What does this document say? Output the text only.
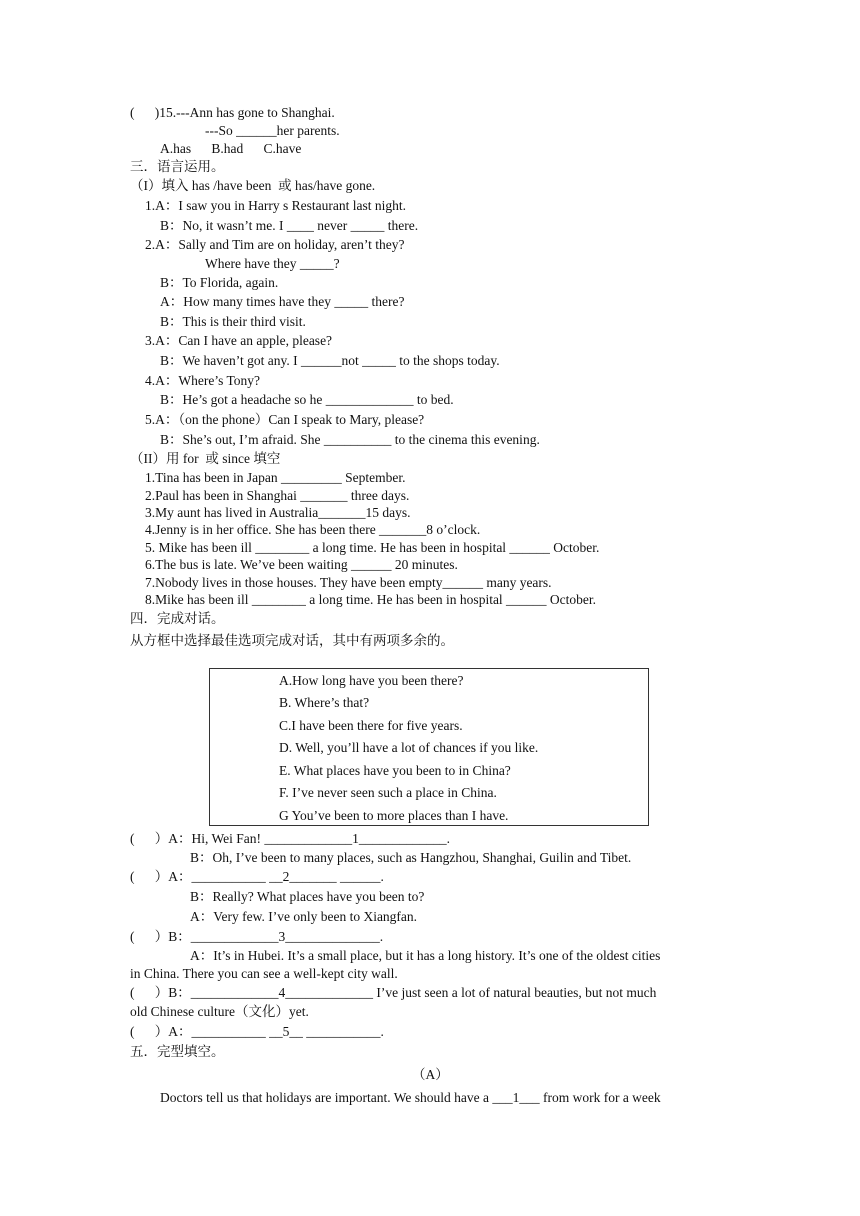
(      )15.---Ann has gone to Shanghai.
---So ______her parents.
A.has      B.had      C.have
三．语言运用。
（I）填入 has /have been  或 has/have gone.
1.A：I saw you in Harry s Restaurant last night.
B：No, it wasn’t me. I ____ never _____ there.
2.A：Sally and Tim are on holiday, aren’t they?
Where have they _____?
B：To Florida, again.
A：How many times have they _____ there?
B：This is their third visit.
3.A：Can I have an apple, please?
B：We haven’t got any. I ______not _____ to the shops today.
4.A：Where’s Tony?
B：He’s got a headache so he _____________ to bed.
5.A：（on the phone）Can I speak to Mary, please?
B：She’s out, I’m afraid. She __________ to the cinema this evening.
（II）用 for  或 since 填空
1.Tina has been in Japan _________ September.
2.Paul has been in Shanghai _______ three days.
3.My aunt has lived in Australia_______15 days.
4.Jenny is in her office. She has been there _______8 o’clock.
5. Mike has been ill ________ a long time. He has been in hospital ______ October.
6.The bus is late. We’ve been waiting ______ 20 minutes.
7.Nobody lives in those houses. They have been empty______ many years.
8.Mike has been ill ________ a long time. He has been in hospital ______ October.
四．完成对话。
从方框中选择最佳选项完成对话，其中有两项多余的。
A.How long have you been there?
B. Where’s that?
C.I have been there for five years.
D. Well, you’ll have a lot of chances if you like.
E. What places have you been to in China?
F. I’ve never seen such a place in China.
G You’ve been to more places than I have.
(      ）A：Hi, Wei Fan! _____________1_____________.
B：Oh, I’ve been to many places, such as Hangzhou, Shanghai, Guilin and Tibet.
(      ）A：___________ __2_______ ______.
B：Really? What places have you been to?
A：Very few. I’ve only been to Xiangfan.
(      ）B：_____________3______________.
A：It’s in Hubei. It’s a small place, but it has a long history. It’s one of the oldest cities
in China. There you can see a well-kept city wall.
(      ）B：_____________4_____________ I’ve just seen a lot of natural beauties, but not much
old Chinese culture（文化）yet.
(      ）A：___________ __5__ ___________.
五．完型填空。
（A）
Doctors tell us that holidays are important. We should have a ___1___ from work for a week
